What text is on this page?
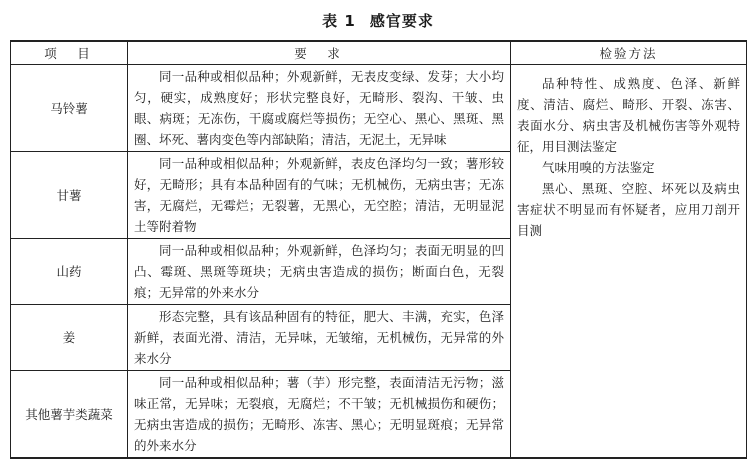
表 1 感官要求
项　目	要　求	检验方法
马铃薯	同一品种或相似品种；外观新鲜，无表皮变绿、发芽；大小均匀，硬实，成熟度好；形状完整良好，无畸形、裂沟、干皱、虫眼、病斑；无冻伤，干腐或腐烂等损伤；无空心、黑心、黑斑、黑圈、坏死、薯肉变色等内部缺陷；清洁，无泥土，无异味	品种特性、成熟度、色泽、新鲜度、清洁、腐烂、畸形、开裂、冻害、表面水分、病虫害及机械伤害等外观特征，用目测法鉴定

气味用嗅的方法鉴定

黑心、黑斑、空腔、坏死以及病虫害症状不明显而有怀疑者，应用刀剖开目测

甘薯	同一品种或相似品种；外观新鲜，表皮色泽均匀一致；薯形较好，无畸形；具有本品种固有的气味；无机械伤，无病虫害；无冻害，无腐烂，无霉烂；无裂薯，无黑心，无空腔；清洁，无明显泥土等附着物	
山药	同一品种或相似品种；外观新鲜，色泽均匀；表面无明显的凹凸、霉斑、黑斑等斑块；无病虫害造成的损伤；断面白色，无裂痕；无异常的外来水分	
姜	形态完整，具有该品种固有的特征，肥大、丰满，充实，色泽新鲜，表面光滑、清洁，无异味，无皱缩，无机械伤，无异常的外来水分	
其他薯芋类蔬菜	同一品种或相似品种；薯（芋）形完整，表面清洁无污物；滋味正常，无异味；无裂痕，无腐烂；不干皱；无机械损伤和硬伤；无病虫害造成的损伤；无畸形、冻害、黑心；无明显斑痕；无异常的外来水分	
